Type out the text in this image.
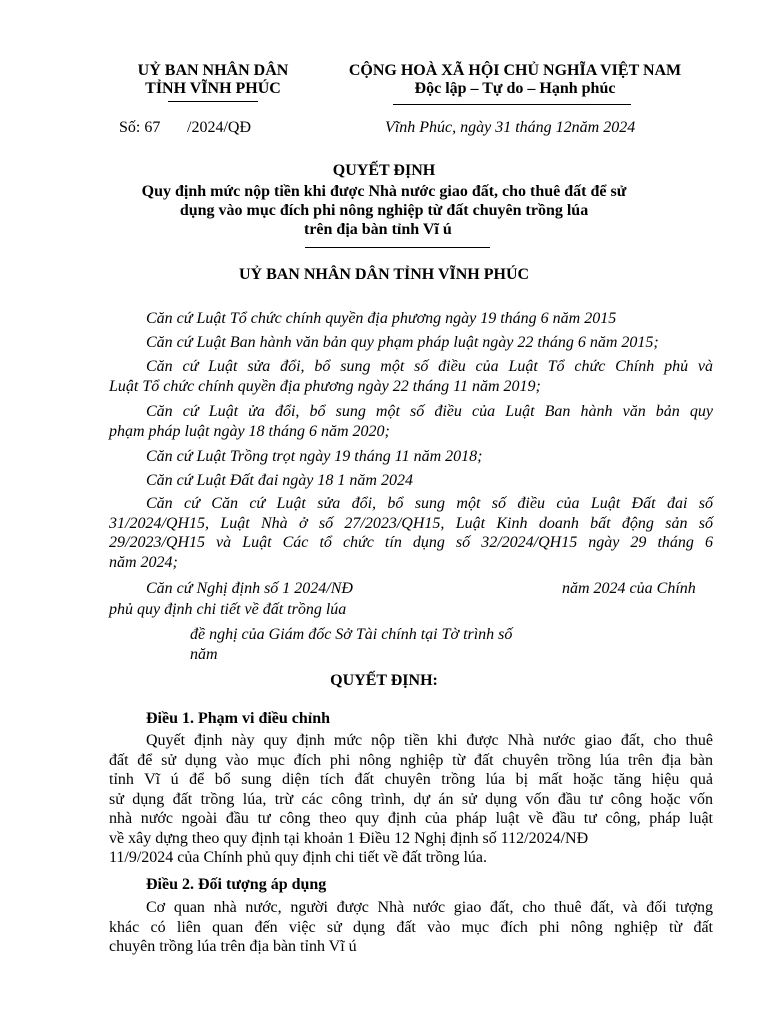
UỶ BAN NHÂN DÂN
TỈNH VĨNH PHÚC
CỘNG HOÀ XÃ HỘI CHỦ NGHĨA VIỆT NAM
Độc lập – Tự do – Hạnh phúc
Số: 67 /2024/QĐ	Vĩnh Phúc, ngày 31 tháng 12năm 2024
QUYẾT ĐỊNH
Quy định mức nộp tiền khi được Nhà nước giao đất, cho thuê đất để sử
dụng vào mục đích phi nông nghiệp từ đất chuyên trồng lúa
trên địa bàn tỉnh Vĩ ú
UỶ BAN NHÂN DÂN TỈNH VĨNH PHÚC
Căn cứ Luật Tổ chức chính quyền địa phương ngày 19 tháng 6 năm 2015
Căn cứ Luật Ban hành văn bản quy phạm pháp luật ngày 22 tháng 6 năm 2015;
Căn cứ Luật sửa đổi, bổ sung một số điều của Luật Tổ chức Chính phủ và
Luật Tổ chức chính quyền địa phương ngày 22 tháng 11 năm 2019;
Căn cứ Luật ửa đổi, bổ sung một số điều của Luật Ban hành văn bản quy
phạm pháp luật ngày 18 tháng 6 năm 2020;
Căn cứ Luật Trồng trọt ngày 19 tháng 11 năm 2018;
Căn cứ Luật Đất đai ngày 18 1 năm 2024
Căn cứ Căn cứ Luật sửa đổi, bổ sung một số điều của Luật Đất đai số
31/2024/QH15, Luật Nhà ở số 27/2023/QH15, Luật Kinh doanh bất động sản số
29/2023/QH15 và Luật Các tổ chức tín dụng số 32/2024/QH15 ngày 29 tháng 6
năm 2024;
Căn cứ Nghị định số 1 2024/NĐ	năm 2024 của Chính
phủ quy định chi tiết về đất trồng lúa
đề nghị của Giám đốc Sở Tài chính tại Tờ trình số
năm
QUYẾT ĐỊNH:
Điều 1. Phạm vi điều chỉnh
Quyết định này quy định mức nộp tiền khi được Nhà nước giao đất, cho thuê
đất để sử dụng vào mục đích phi nông nghiệp từ đất chuyên trồng lúa trên địa bàn
tỉnh Vĩ ú để bổ sung diện tích đất chuyên trồng lúa bị mất hoặc tăng hiệu quả
sử dụng đất trồng lúa, trừ các công trình, dự án sử dụng vốn đầu tư công hoặc vốn
nhà nước ngoài đầu tư công theo quy định của pháp luật về đầu tư công, pháp luật
về xây dựng theo quy định tại khoản 1 Điều 12 Nghị định số 112/2024/NĐ
11/9/2024 của Chính phủ quy định chi tiết về đất trồng lúa.
Điều 2. Đối tượng áp dụng
Cơ quan nhà nước, người được Nhà nước giao đất, cho thuê đất, và đối tượng
khác có liên quan đến việc sử dụng đất vào mục đích phi nông nghiệp từ đất
chuyên trồng lúa trên địa bàn tỉnh Vĩ ú
